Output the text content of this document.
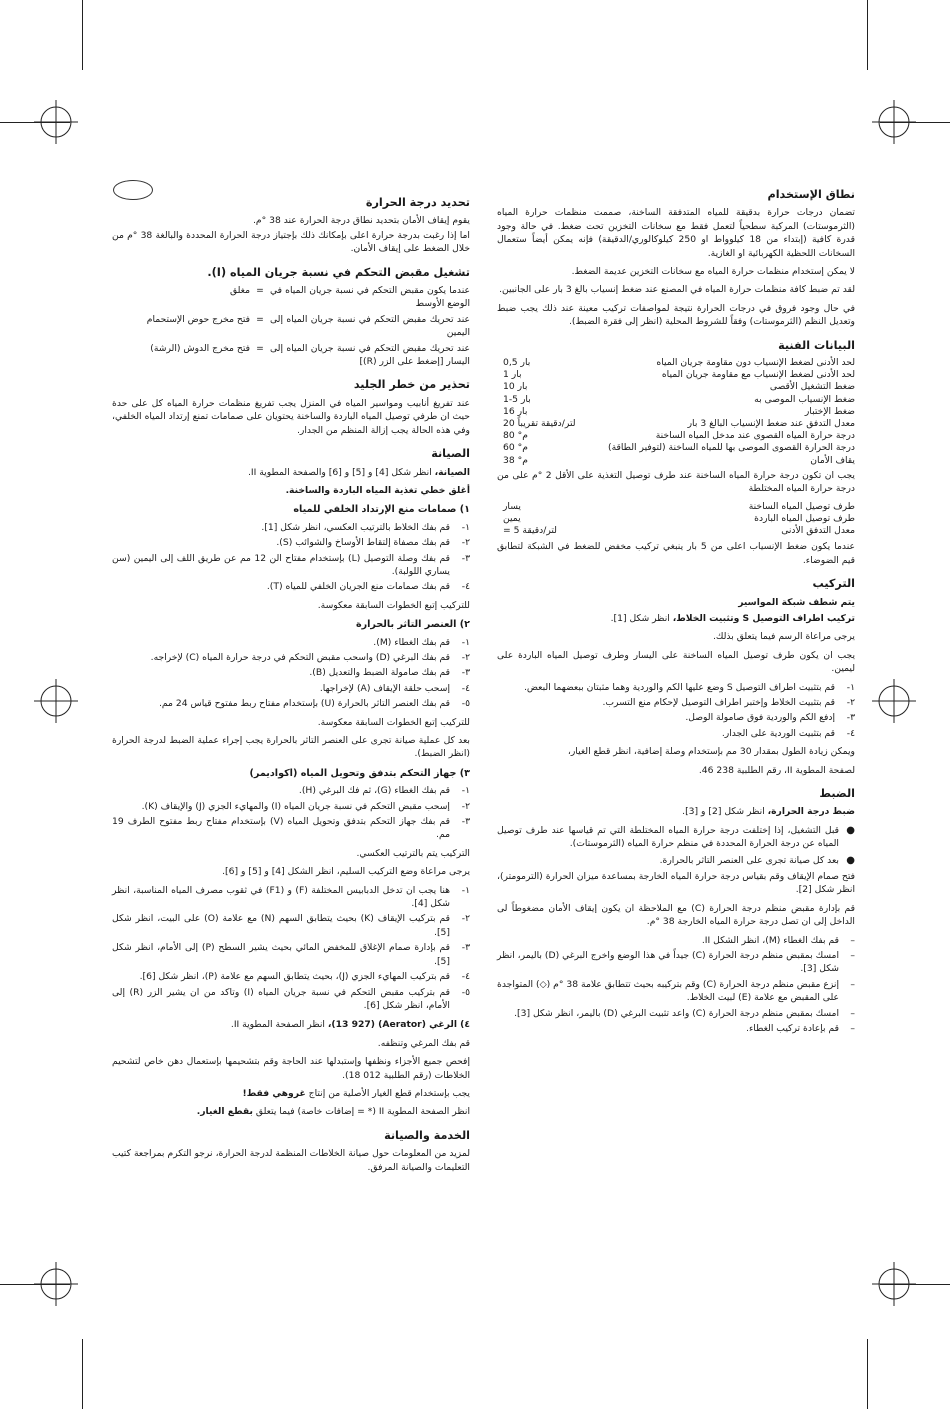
نطاق الإستخدام

تضمان درجات حرارة بدقيقة للمياه المتدفقة الساخنة، صممت منظمات حرارة المياه (الثرموستات) المركبة سطحياً لتعمل فقط مع سخانات التخزين تحت ضغط. في حالة وجود قدرة كافية (إبتداء من 18 كيلوواط او 250 كيلوكالوري/الدقيقة) فإنه يمكن أيضاً ستعمال السخانات اللحظية الكهربائية او الغازية.

لا يمكن إستخدام منظمات حرارة المياه مع سخانات التخزين عديمة الضغط.

لقد تم ضبط كافة منظمات حرارة المياه في المصنع عند ضغط إنسياب بالغ 3 بار على الجانبين.

في حال وجود فروق في درجات الحرارة نتيجة لمواصفات تركيب معينة عند ذلك يجب ضبط وتعديل النظم (الثرموستات) وفقاً للشروط المحلية (انظر إلى فقرة الضبط).

البيانات الفنية
لحد الأدنى لضغط الإنسياب دون مقاومة جريان المياه
0,5 بار
لحد الأدنى لضغط الإنسياب مع مقاومة جريان المياه
1 بار
ضغط التشغيل الأقصى
10 بار
ضغط الإنسياب الموصى به
1-5 بار
ضغط الإختبار
16 بار
معدل التدفق عند ضغط الإنسياب البالغ 3 بار
20 لتر/دقيقة تقريباً
درجة حرارة المياه القصوى عند مدخل المياه الساخنة
80 °م
درجة الحرارة القصوى الموصى بها للمياه الساخنة (لتوفير الطاقة)
60 °م
يقاف الأمان
38 °م

يجب ان تكون درجة حرارة المياه الساخنة عند طرف توصيل التغذية على الأقل 2 °م على من درجة حرارة المياه المختلطة

طرف توصيل المياه الساخنة
يسار
طرف توصيل المياه الباردة
يمين
معدل التدفق الأدنى
= 5 لتر/دقيقة

عندما يكون ضغط الإنسياب اعلى من 5 بار ينبغي تركيب مخفض للضغط في الشبكة لتطابق قيم الضوضاء.

التركيب
يتم شطف شبكة المواسير

تركيب اطراف التوصيل S وتثبيت الخلاط، انظر شكل [1].

يرجى مراعاة الرسم فيما يتعلق بذلك.

يجب ان يكون طرف توصيل المياه الساخنة على اليسار وطرف توصيل المياه الباردة على ليمين.

١-
قم بتثبيت اطراف التوصيل S وضع عليها الكم والوردية وهما مثبتان ببعضهما البعض.
٢-
قم بتثبيت الخلاط وإختبر اطراف التوصيل لإحكام منع التسرب.
٣-
إدفع الكم والوردية فوق صامولة الوصل.
٤-
قم بتثبيت الوردية على الجدار.

ويمكن زيادة الطول بمقدار 30 مم بإستخدام وصلة إضافية، انظر قطع الغيار،

لصفحة المطوية II، رقم الطلبية 238 46.

الضبط

ضبط درجة الحرارة، انظر شكل [2] و [3].

●
قبل التشغيل، إذا إختلفت درجة حرارة المياه المختلطة التي تم قياسها عند طرف توصيل المياه عن درجة الحرارة المحددة في منظم حرارة المياه (الثرموستات).
●
بعد كل صيانة تجرى على العنصر التاثر بالحرارة.

فتح صمام الإيقاف وقم بقياس درجة حرارة المياه الخارجة بمساعدة ميزان الحرارة (الترمومتر)، انظر شكل [2].

قم بإدارة مقبض منظم درجة الحرارة (C) مع الملاحظة ان يكون إيقاف الأمان مضغوطاً لى الداخل إلى ان تصل درجة حرارة المياه الخارجة 38 °م.

–
قم بفك الغطاء (M)، انظر الشكل II.
–
امسك بمقبض منظم درجة الحرارة (C) جيداً في هذا الوضع واخرج البرغي (D) باليمر، انظر شكل [3].
–
إنزع مقبض منظم درجة الحرارة (C) وقم بتركيبه بحيث تتطابق علامة 38 °م (◇) المتواجدة على المقبض مع علامة (E) لبيت الخلاط.
–
امسك بمقبض منظم درجة الحرارة (C) واعد تثبيت البرغي (D) باليمر، انظر شكل [3].
–
قم بإعادة تركيب الغطاء.
تحديد درجة الحرارة

يقوم إيقاف الأمان بتحديد نطاق درجة الحرارة عند 38 °م.

اما إذا رغبت بدرجة حرارة اعلى بإمكانك ذلك بإجتياز درجة الحرارة المحددة والبالغة 38 °م من خلال الضغط على إيقاف الأمان.

تشغيل مقبض التحكم في نسبة جريان المياه (I).
عندما يكون مقبض التحكم في نسبة جريان المياه في الوضع الأوسط
=
مغلق
عند تحريك مقبض التحكم في نسبة جريان المياه إلى اليمين
=
فتح مخرج حوض الإستحمام
عند تحريك مقبض التحكم في نسبة جريان المياه إلى اليسار [إضغط على الزر (R)]
=
فتح مخرج الدوش (الرشة)
تحذير من خطر الجليد

عند تفريغ أنابيب ومواسير المياه في المنزل يجب تفريغ منظمات حرارة المياه كل على حدة حيث ان طرفي توصيل المياه الباردة والساخنة يحتويان على صمامات تمنع إرتداد المياه الخلفي، وفي هذه الحالة يجب إزالة المنظم من الجدار.

الصيانة

الصيانة، انظر شكل [4] و [5] و [6] والصفحة المطوية II.

أغلق خطي تغذية المياه الباردة والساخنة.

١) صمامات منع الإرتداد الخلفي للمياه
١-
قم بفك الخلاط بالترتيب العكسي، انظر شكل [1].
٢-
قم بفك مصفاة إلتقاط الأوساخ والشوائب (S).
٣-
قم بفك وصلة التوصيل (L) بإستخدام مفتاح الن 12 مم عن طريق اللف إلى اليمين (سن يساري اللولبة).
٤-
قم بفك صمامات منع الجريان الخلفي للمياه (T).

للتركيب إتبع الخطوات السابقة معكوسة.

٢) العنصر التاثر بالحرارة
١-
قم بفك الغطاء (M).
٢-
قم بفك البرغي (D) واسحب مقبض التحكم في درجة حرارة المياه (C) لإخراجه.
٣-
قم بفك صامولة الضبط والتعديل (B).
٤-
إسحب حلقة الإيقاف (A) لإخراجها.
٥-
قم بفك العنصر التاثر بالحرارة (U) بإستخدام مفتاح ربط مفتوح قياس 24 مم.

للتركيب إتبع الخطوات السابقة معكوسة.

بعد كل عملية صيانة تجرى على العنصر التاثر بالحرارة يجب إجراء عملية الضبط لدرجة الحرارة (انظر الضبط).

٣) جهاز التحكم بتدفق وتحويل المياه (اكواديمر)
١-
قم بفك الغطاء (G)، ثم فك البرغي (H).
٢-
إسحب مقبض التحكم في نسبة جريان المياه (I) والمهايء الجزي (J) والإيقاف (K).
٣-
قم بفك جهاز التحكم بتدفق وتحويل المياه (V) بإستخدام مفتاح ربط مفتوح الطرف 19 مم.

التركيب يتم بالترتيب العكسي.

يرجى مراعاة وضع التركيب السليم، انظر الشكل [4] و [5] و [6].

١-
هنا يجب ان تدخل الدبابيس المختلفة (F) و (F1) في ثقوب مصرف المياه المناسبة، انظر شكل [4].
٢-
قم بتركيب الإيقاف (K) بحيث يتطابق السهم (N) مع علامة (O) على البيت، انظر شكل [5].
٣-
قم بإدارة صمام الإغلاق للمخفض المائي بحيث يشير السطح (P) إلى الأمام، انظر شكل [5].
٤-
قم بتركيب المهايء الجزي (J)، بحيث يتطابق السهم مع علامة (P)، انظر شكل [6].
٥-
قم بتركيب مقبض التحكم في نسبة جريان المياه (I) وتاكد من ان يشير الزر (R) إلى الأمام، انظر شكل [6].

٤) الرغي (Aerator) (13 927)، انظر الصفحة المطوية II.

قم بفك المرغي وتنظفه.

إفحص جميع الأجزاء ونظفها وإستبدلها عند الحاجة وقم بتشحيمها بإستعمال دهن خاص لتشحيم الخلاطات (رقم الطلبية 012 18).

يجب بإستخدام قطع الغيار الأصلية من إنتاج غروهي فقط!

انظر الصفحة المطوية II (* = إضافات خاصة) فيما يتعلق بقطع الغيار.

الخدمة والصيانة

لمزيد من المعلومات حول صيانة الخلاطات المنظمة لدرجة الحرارة، نرجو التكرم بمراجعة كتيب التعليمات والصيانة المرفق.
